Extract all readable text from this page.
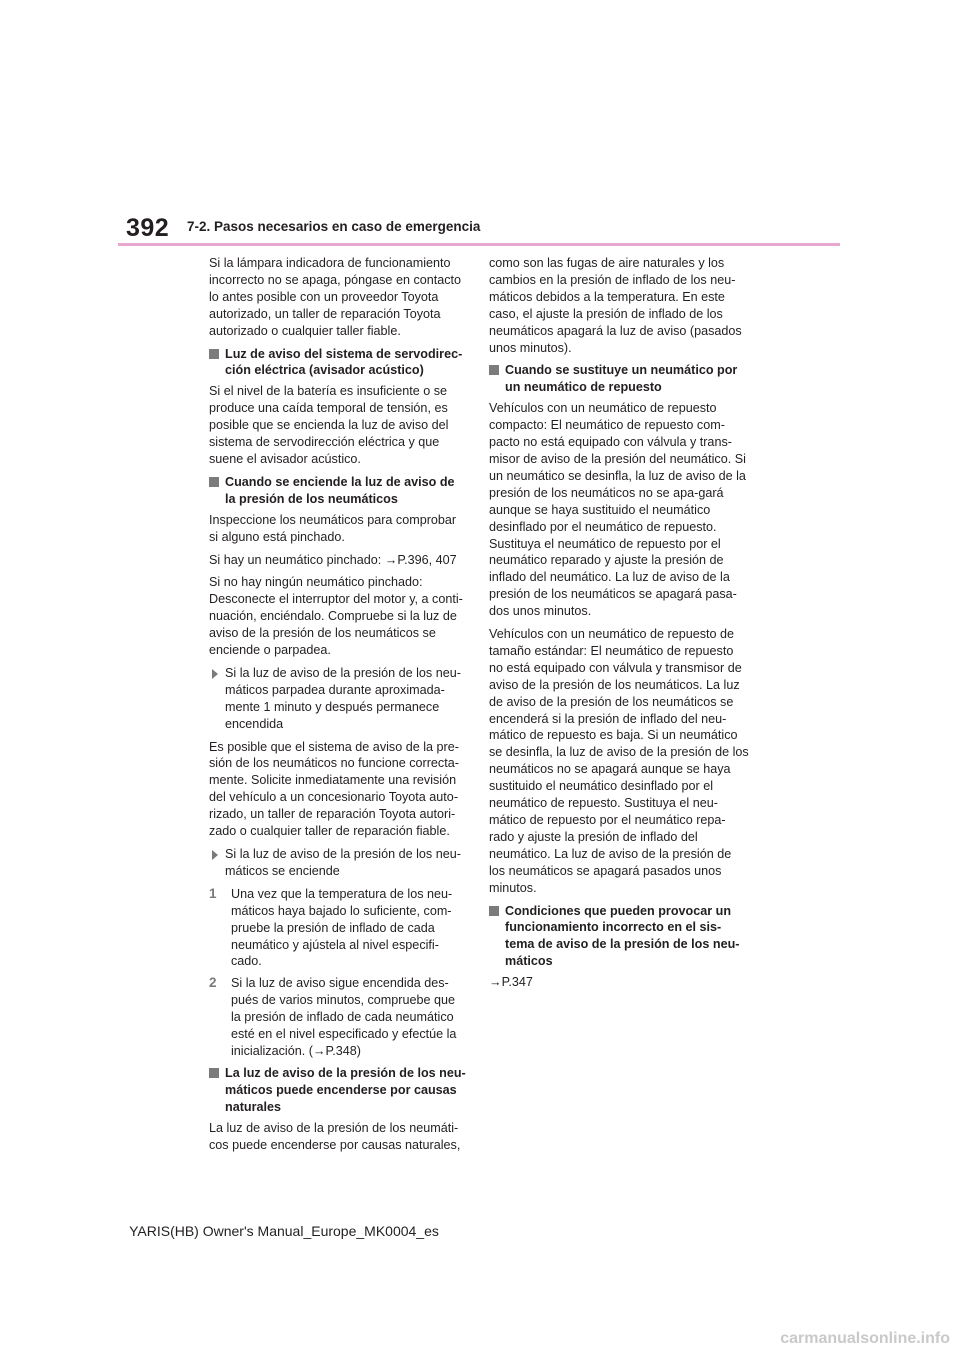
392 7-2. Pasos necesarios en caso de emergencia

Si la lámpara indicadora de funcionamiento incorrecto no se apaga, póngase en contacto lo antes posible con un proveedor Toyota autorizado, un taller de reparación Toyota autorizado o cualquier taller fiable.

Luz de aviso del sistema de servodirec-ción eléctrica (avisador acústico)

Si el nivel de la batería es insuficiente o se produce una caída temporal de tensión, es posible que se encienda la luz de aviso del sistema de servodirección eléctrica y que suene el avisador acústico.

Cuando se enciende la luz de aviso de la presión de los neumáticos

Inspeccione los neumáticos para comprobar si alguno está pinchado.

Si hay un neumático pinchado: →P.396, 407

Si no hay ningún neumático pinchado: Desconecte el interruptor del motor y, a conti-nuación, enciéndalo. Compruebe si la luz de aviso de la presión de los neumáticos se enciende o parpadea.

Si la luz de aviso de la presión de los neu-máticos parpadea durante aproximada-mente 1 minuto y después permanece encendida

Es posible que el sistema de aviso de la pre-sión de los neumáticos no funcione correcta-mente. Solicite inmediatamente una revisión del vehículo a un concesionario Toyota auto-rizado, un taller de reparación Toyota autori-zado o cualquier taller de reparación fiable.

Si la luz de aviso de la presión de los neu-máticos se enciende
1 Una vez que la temperatura de los neu-máticos haya bajado lo suficiente, com-pruebe la presión de inflado de cada neumático y ajústela al nivel especifi-cado.
2 Si la luz de aviso sigue encendida des-pués de varios minutos, compruebe que la presión de inflado de cada neumático esté en el nivel especificado y efectúe la inicialización. (→P.348)
La luz de aviso de la presión de los neu-máticos puede encenderse por causas naturales

La luz de aviso de la presión de los neumáti-cos puede encenderse por causas naturales,

como son las fugas de aire naturales y los cambios en la presión de inflado de los neu-máticos debidos a la temperatura. En este caso, el ajuste la presión de inflado de los neumáticos apagará la luz de aviso (pasados unos minutos).

Cuando se sustituye un neumático por un neumático de repuesto

Vehículos con un neumático de repuesto compacto: El neumático de repuesto com-pacto no está equipado con válvula y trans-misor de aviso de la presión del neumático. Si un neumático se desinfla, la luz de aviso de la presión de los neumáticos no se apa-gará aunque se haya sustituido el neumático desinflado por el neumático de repuesto. Sustituya el neumático de repuesto por el neumático reparado y ajuste la presión de inflado del neumático. La luz de aviso de la presión de los neumáticos se apagará pasa-dos unos minutos.

Vehículos con un neumático de repuesto de tamaño estándar: El neumático de repuesto no está equipado con válvula y transmisor de aviso de la presión de los neumáticos. La luz de aviso de la presión de los neumáticos se encenderá si la presión de inflado del neu-mático de repuesto es baja. Si un neumático se desinfla, la luz de aviso de la presión de los neumáticos no se apagará aunque se haya sustituido el neumático desinflado por el neumático de repuesto. Sustituya el neu-mático de repuesto por el neumático repa-rado y ajuste la presión de inflado del neumático. La luz de aviso de la presión de los neumáticos se apagará pasados unos minutos.

Condiciones que pueden provocar un funcionamiento incorrecto en el sis-tema de aviso de la presión de los neu-máticos

→P.347

YARIS(HB) Owner's Manual_Europe_MK0004_es
carmanualsonline.info
